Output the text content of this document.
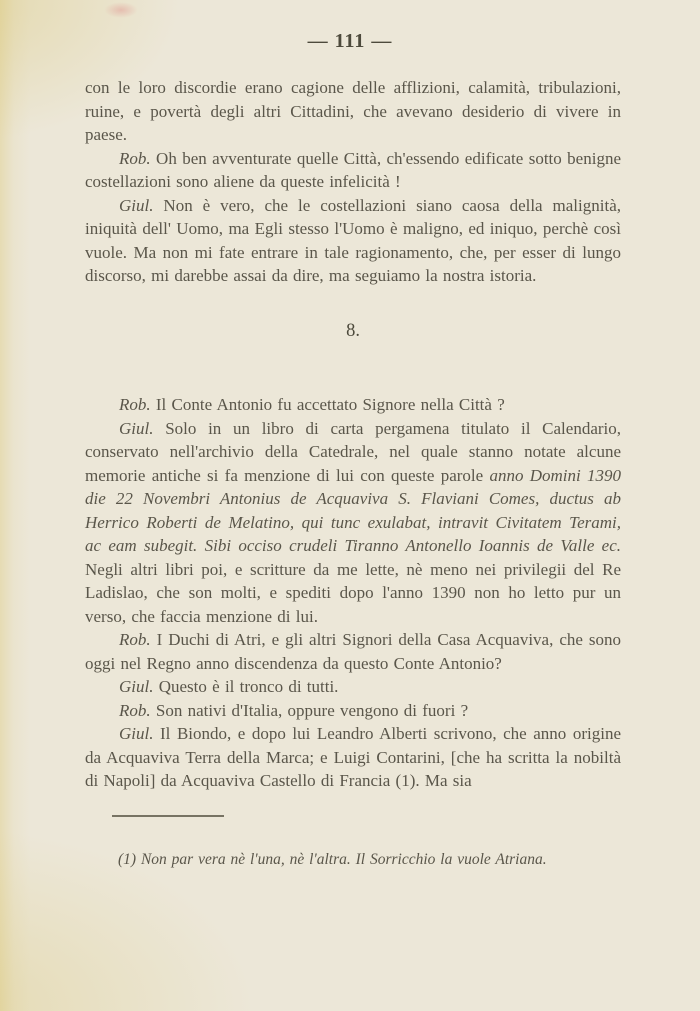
— 111 —

con le loro discordie erano cagione delle afflizioni, calamità, tribulazioni, ruine, e povertà degli altri Cittadini, che avevano desiderio di vivere in paese.

Rob. Oh ben avventurate quelle Città, ch'essendo edificate sotto benigne costellazioni sono aliene da queste infelicità !

Giul. Non è vero, che le costellazioni siano caosa della malignità, iniquità dell' Uomo, ma Egli stesso l'Uomo è maligno, ed iniquo, perchè così vuole. Ma non mi fate entrare in tale ragionamento, che, per esser di lungo discorso, mi darebbe assai da dire, ma seguiamo la nostra istoria.

8.

Rob. Il Conte Antonio fu accettato Signore nella Città ?

Giul. Solo in un libro di carta pergamena titulato il Calendario, conservato nell'archivio della Catedrale, nel quale stanno notate alcune memorie antiche si fa menzione di lui con queste parole anno Domini 1390 die 22 Novembri Antonius de Acquaviva S. Flaviani Comes, ductus ab Herrico Roberti de Melatino, qui tunc exulabat, intravit Civitatem Terami, ac eam subegit. Sibi occiso crudeli Tiranno Antonello Ioannis de Valle ec. Negli altri libri poi, e scritture da me lette, nè meno nei privilegii del Re Ladislao, che son molti, e spediti dopo l'anno 1390 non ho letto pur un verso, che faccia menzione di lui.

Rob. I Duchi di Atri, e gli altri Signori della Casa Acquaviva, che sono oggi nel Regno anno discendenza da questo Conte Antonio?

Giul. Questo è il tronco di tutti.

Rob. Son nativi d'Italia, oppure vengono di fuori ?

Giul. Il Biondo, e dopo lui Leandro Alberti scrivono, che anno origine da Acquaviva Terra della Marca; e Luigi Contarini, [che ha scritta la nobiltà di Napoli] da Acquaviva Castello di Francia (1). Ma sia

(1) Non par vera nè l'una, nè l'altra. Il Sorricchio la vuole Atriana.
